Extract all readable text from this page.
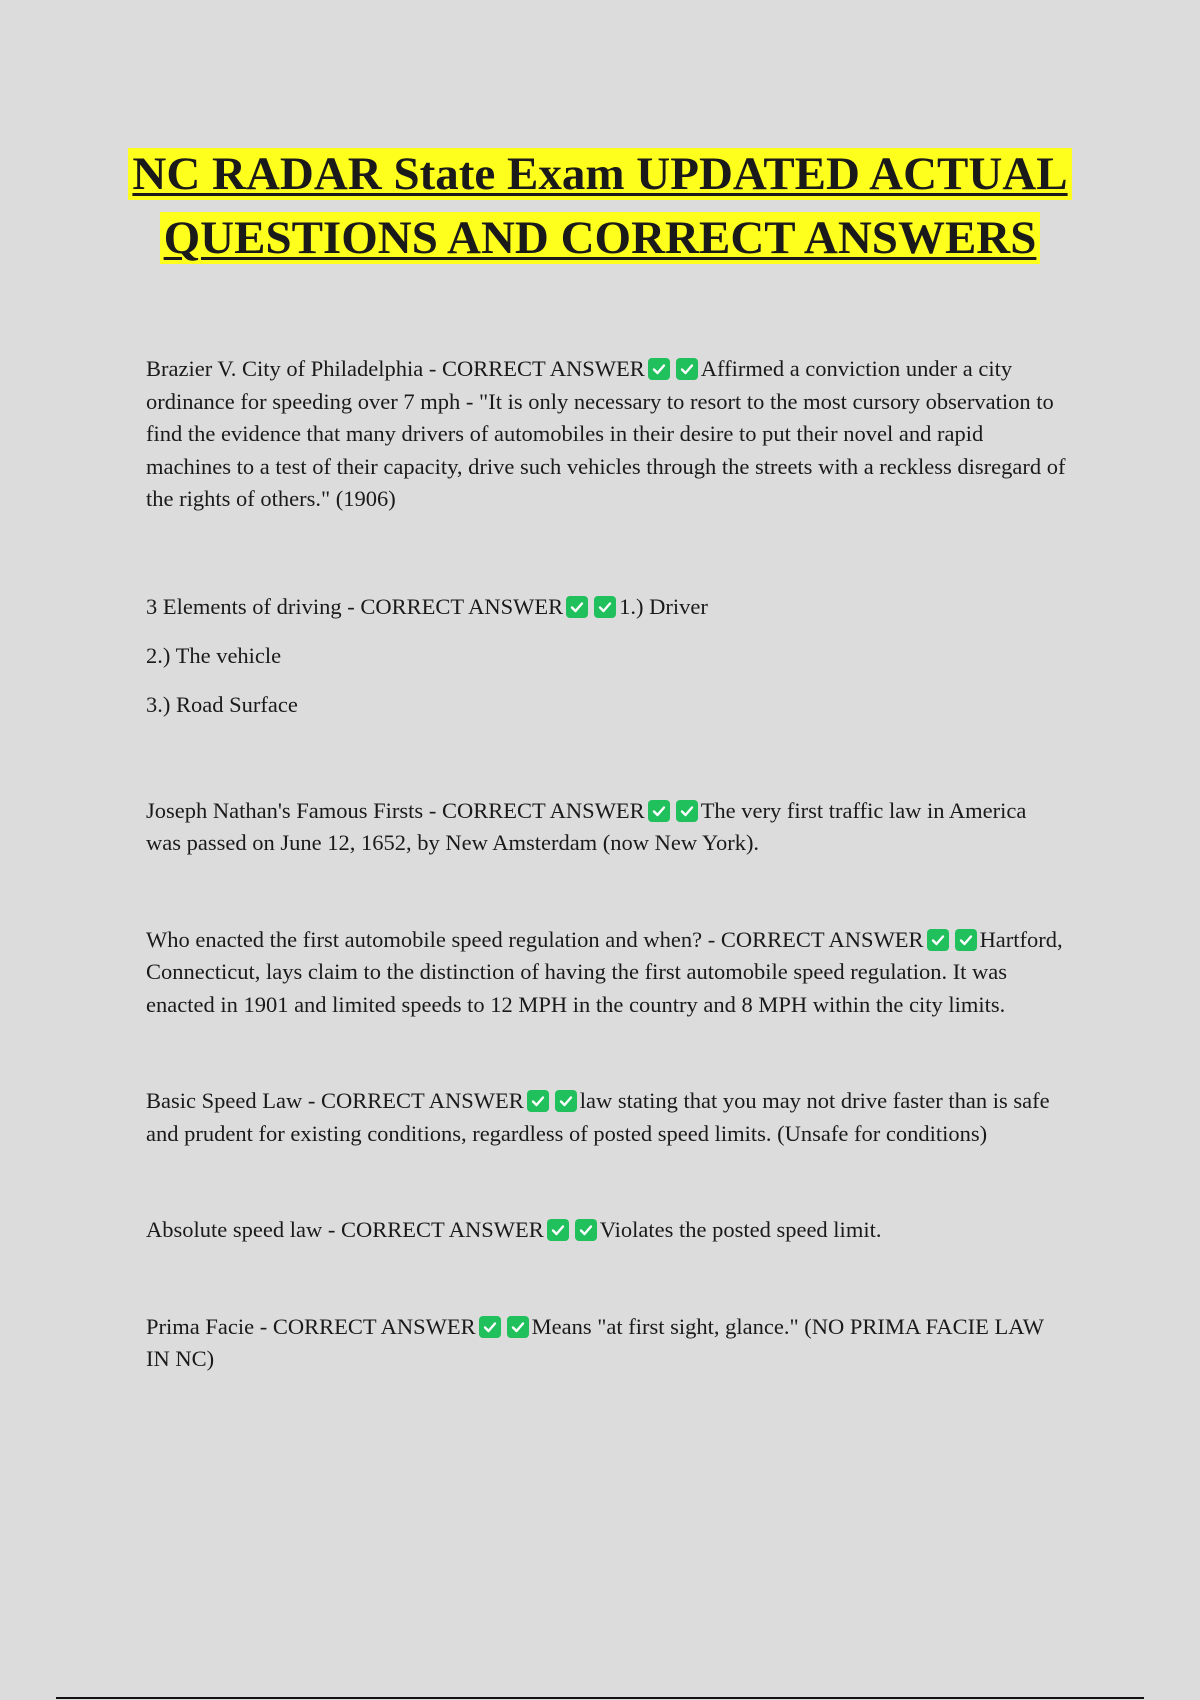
NC RADAR State Exam UPDATED ACTUAL QUESTIONS AND CORRECT ANSWERS

Brazier V. City of Philadelphia - CORRECT ANSWER Affirmed a conviction under a city ordinance for speeding over 7 mph - "It is only necessary to resort to the most cursory observation to find the evidence that many drivers of automobiles in their desire to put their novel and rapid machines to a test of their capacity, drive such vehicles through the streets with a reckless disregard of the rights of others." (1906)

3 Elements of driving - CORRECT ANSWER 1.) Driver

2.) The vehicle

3.) Road Surface

Joseph Nathan's Famous Firsts - CORRECT ANSWER The very first traffic law in America was passed on June 12, 1652, by New Amsterdam (now New York).

Who enacted the first automobile speed regulation and when? - CORRECT ANSWER Hartford, Connecticut, lays claim to the distinction of having the first automobile speed regulation. It was enacted in 1901 and limited speeds to 12 MPH in the country and 8 MPH within the city limits.

Basic Speed Law - CORRECT ANSWER law stating that you may not drive faster than is safe and prudent for existing conditions, regardless of posted speed limits. (Unsafe for conditions)

Absolute speed law - CORRECT ANSWER Violates the posted speed limit.

Prima Facie - CORRECT ANSWER Means "at first sight, glance." (NO PRIMA FACIE LAW IN NC)
